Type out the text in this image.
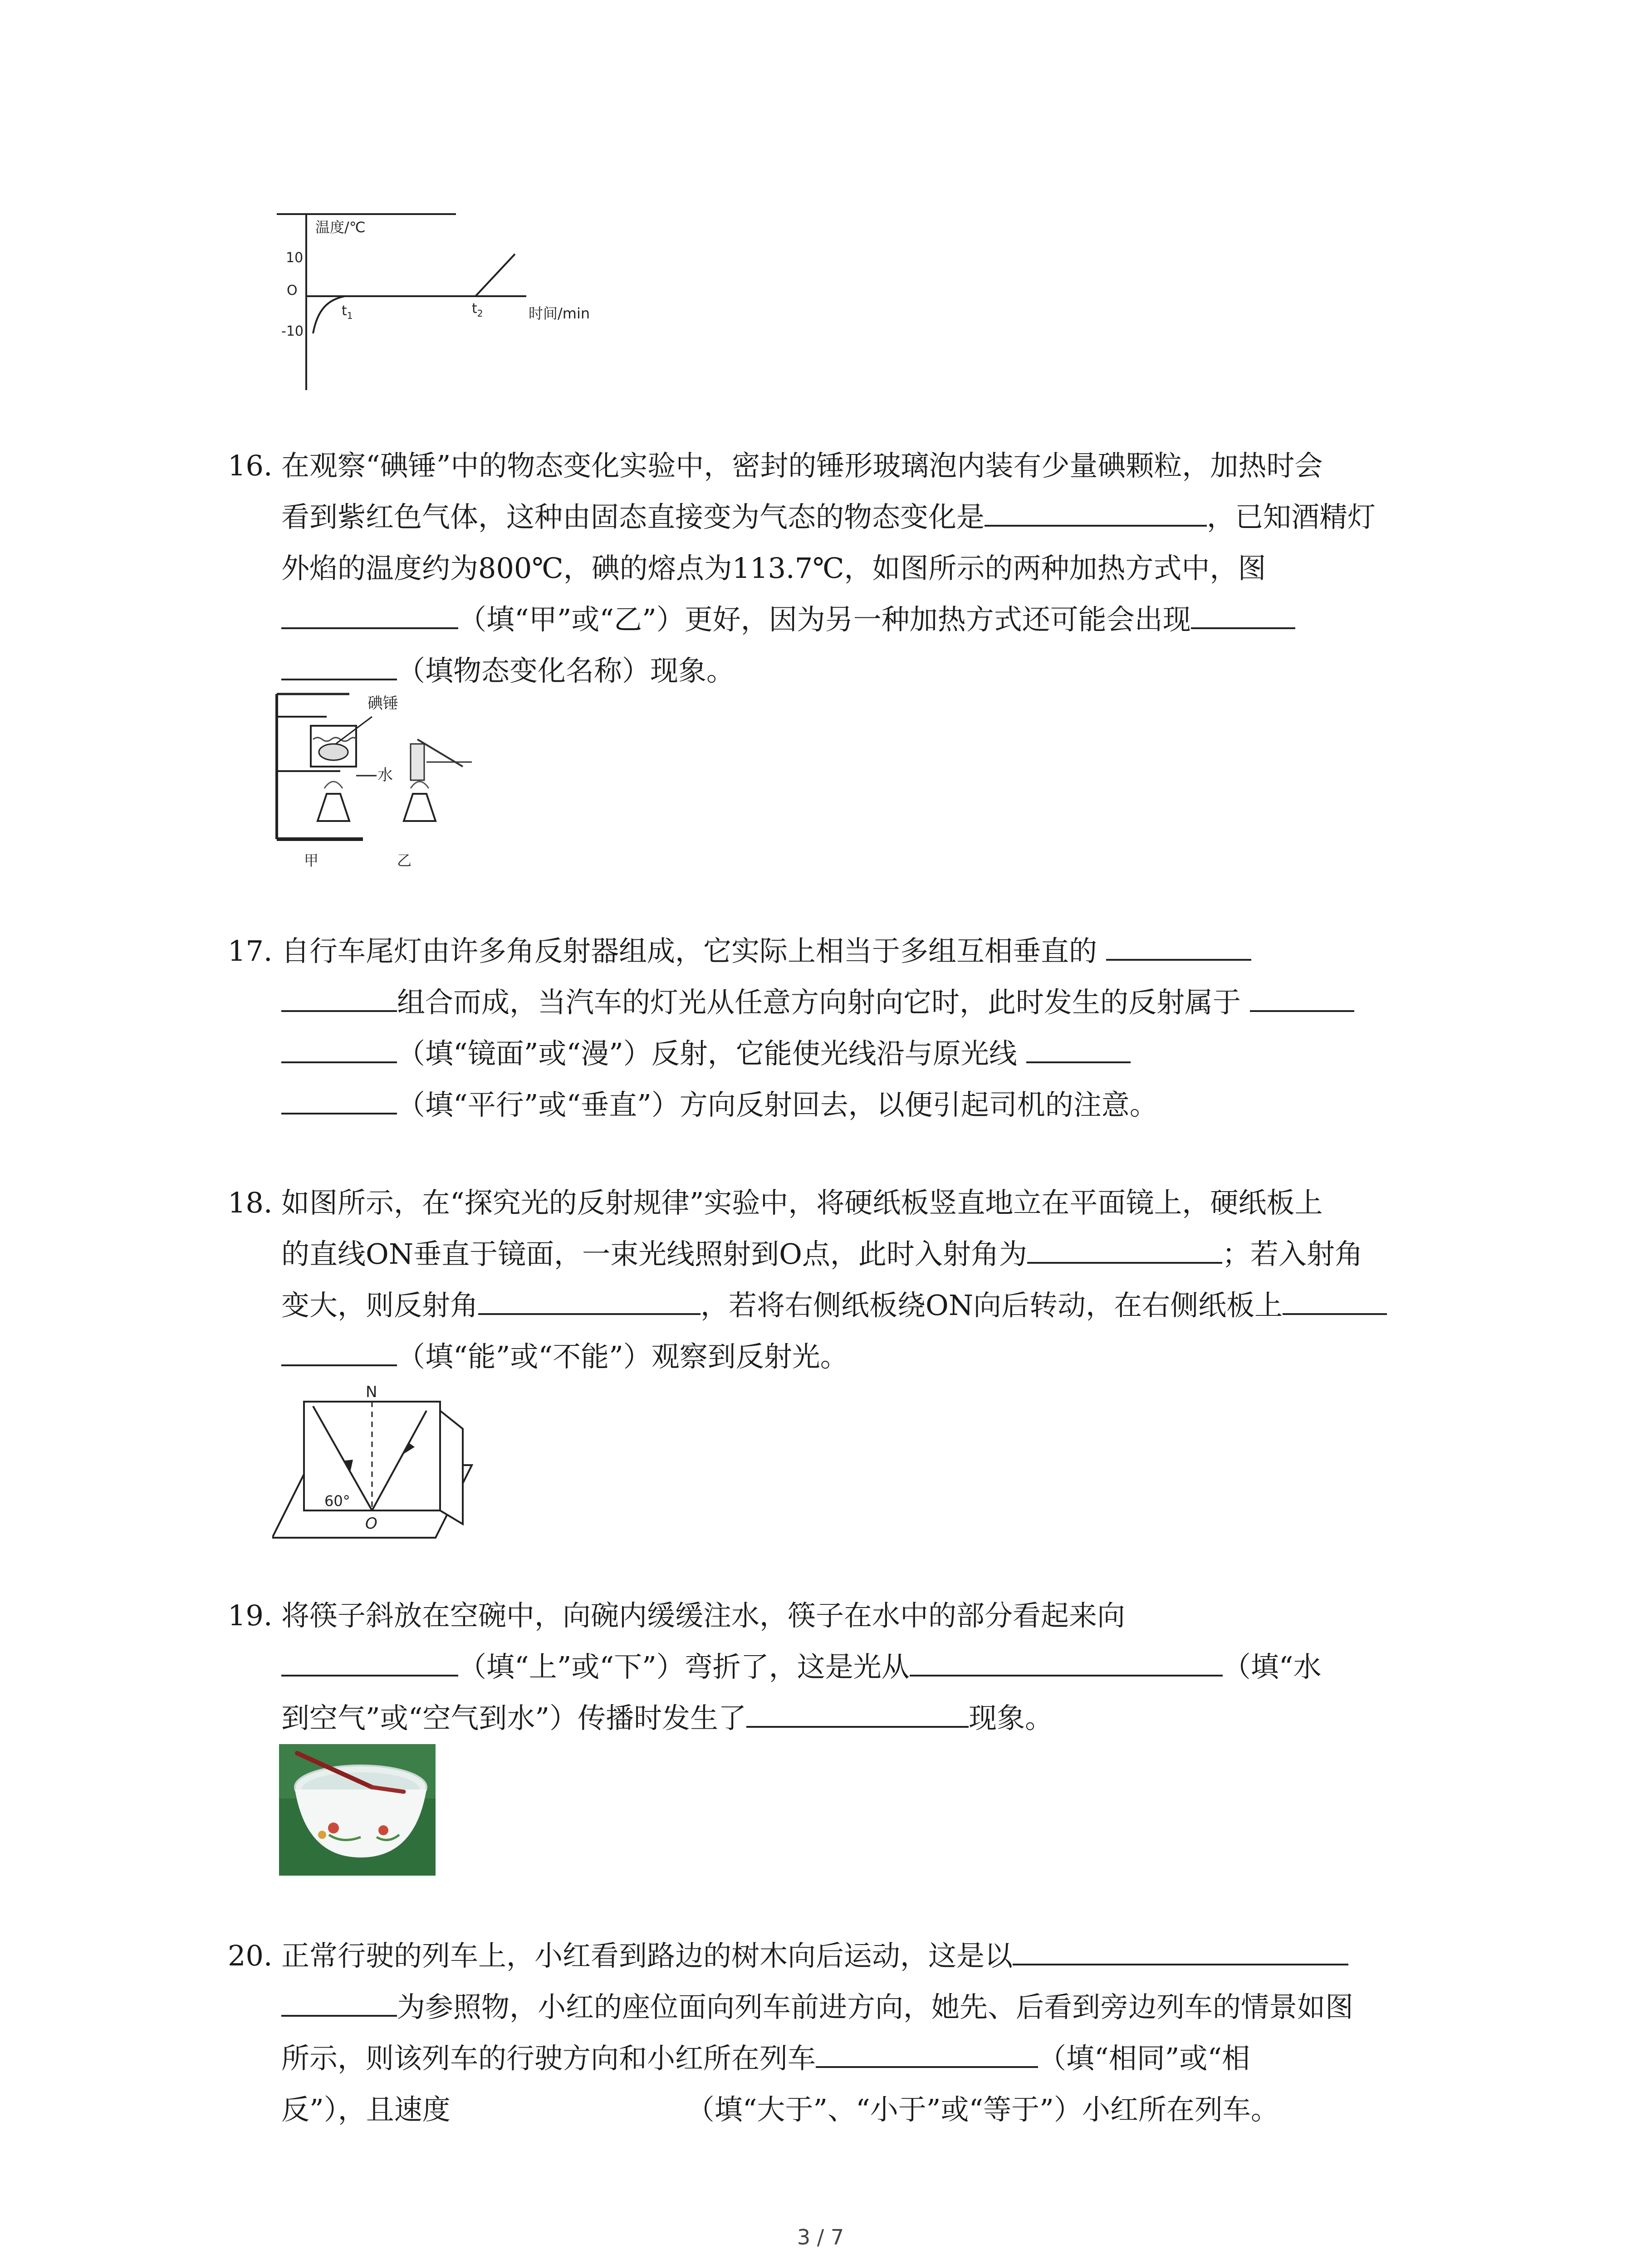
温度/℃
时间/min
10
O
-10
$t_1$	$t_2$
16. 在观察“碘锤”中的物态变化实验中，密封的锤形玻璃泡内装有少量碘颗粒，加热时会
看到紫红色气体，这种由固态直接变为气态的物态变化是	，已知酒精灯
外焰的温度约为800℃，碘的熔点为113.7℃，如图所示的两种加热方式中，图
（填“甲”或“乙”）更好，因为另一种加热方式还可能会出现
（填物态变化名称）现象。
碘锤
水
甲	乙
17. 自行车尾灯由许多角反射器组成，它实际上相当于多组互相垂直的
组合而成，当汽车的灯光从任意方向射向它时，此时发生的反射属于
（填“镜面”或“漫”）反射，它能使光线沿与原光线
（填“平行”或“垂直”）方向反射回去，以便引起司机的注意。
18. 如图所示，在“探究光的反射规律”实验中，将硬纸板竖直地立在平面镜上，硬纸板上
的直线ON垂直于镜面，一束光线照射到O点，此时入射角为	；若入射角
变大，则反射角	，若将右侧纸板绕ON向后转动，在右侧纸板上
（填“能”或“不能”）观察到反射光。
N
60°
O
19. 将筷子斜放在空碗中，向碗内缓缓注水，筷子在水中的部分看起来向
（填“上”或“下”）弯折了，这是光从	（填“水
到空气”或“空气到水”）传播时发生了	现象。
20. 正常行驶的列车上，小红看到路边的树木向后运动，这是以
为参照物，小红的座位面向列车前进方向，她先、后看到旁边列车的情景如图
所示，则该列车的行驶方向和小红所在列车	（填“相同”或“相
反”），且速度	（填“大于”、“小于”或“等于”）小红所在列车。
3 / 7
